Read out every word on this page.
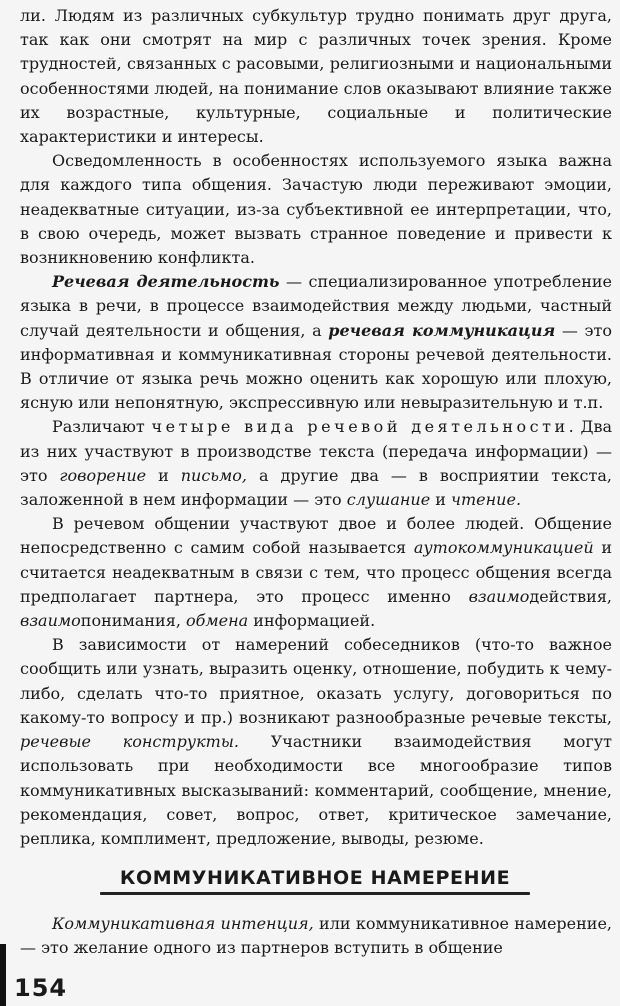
ли. Людям из различных субкультур трудно понимать друг друга, так как они смотрят на мир с различных точек зрения. Кроме трудностей, связанных с расовыми, религиозными и национальными особенностями людей, на понимание слов оказывают влияние также их возрастные, культурные, социальные и политические характеристики и интересы.

Осведомленность в особенностях используемого языка важна для каждого типа общения. Зачастую люди переживают эмоции, неадекватные ситуации, из-за субъективной ее интерпретации, что, в свою очередь, может вызвать странное поведение и привести к возникновению конфликта.

Речевая деятельность — специализированное употребление языка в речи, в процессе взаимодействия между людьми, частный случай деятельности и общения, а речевая коммуникация — это информативная и коммуникативная стороны речевой деятельности. В отличие от языка речь можно оценить как хорошую или плохую, ясную или непонятную, экспрессивную или невыразительную и т.п.

Различают четыре вида речевой деятельности. Два из них участвуют в производстве текста (передача информации) — это говорение и письмо, а другие два — в восприятии текста, заложенной в нем информации — это слушание и чтение.

В речевом общении участвуют двое и более людей. Общение непосредственно с самим собой называется аутокоммуникацией и считается неадекватным в связи с тем, что процесс общения всегда предполагает партнера, это процесс именно взаимодействия, взаимопонимания, обмена информацией.

В зависимости от намерений собеседников (что-то важное сообщить или узнать, выразить оценку, отношение, побудить к чему-либо, сделать что-то приятное, оказать услугу, договориться по какому-то вопросу и пр.) возникают разнообразные речевые тексты, речевые конструкты. Участники взаимодействия могут использовать при необходимости все многообразие типов коммуникативных высказываний: комментарий, сообщение, мнение, рекомендация, совет, вопрос, ответ, критическое замечание, реплика, комплимент, предложение, выводы, резюме.

КОММУНИКАТИВНОЕ НАМЕРЕНИЕ

Коммуникативная интенция, или коммуникативное намерение, — это желание одного из партнеров вступить в общение

154
